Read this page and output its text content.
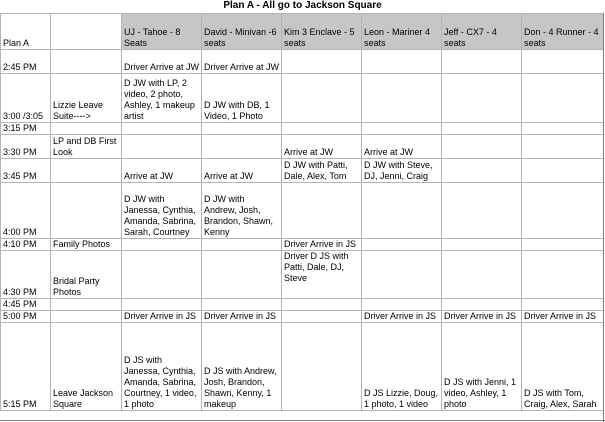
Plan A - All go to Jackson Square
Plan A		UJ - Tahoe - 8 Seats	David - Minivan -6 seats	Kim 3 Enclave - 5 seats	Leon - Mariner 4 seats	Jeff - CX7 - 4 seats	Don - 4 Runner - 4 seats
2:45 PM		Driver Arrive at JW	Driver Arrive at JW				
3:00 /3:05	Lizzie Leave Suite---->	D JW with LP, 2 video, 2 photo, Ashley, 1 makeup artist	D JW with DB, 1 Video, 1 Photo				
3:15 PM							
3:30 PM	LP and DB First Look			Arrive at JW	Arrive at JW		
3:45 PM		Arrive at JW	Arrive at JW	D JW with Patti, Dale, Alex, Tom	D JW with Steve, DJ, Jenni, Craig		
4:00 PM		D JW with Janessa, Cynthia, Amanda, Sabrina, Sarah, Courtney	D JW with Andrew, Josh, Brandon, Shawn, Kenny				
4:10 PM	Family Photos			Driver Arrive in JS			
4:30 PM	Bridal Party Photos			Driver D JS with Patti, Dale, DJ, Steve			
4:45 PM							
5:00 PM		Driver Arrive in JS	Driver Arrive in JS		Driver Arrive in JS	Driver Arrive in JS	Driver Arrive in JS
5:15 PM	Leave Jackson Square	D JS with Janessa, Cynthia, Amanda, Sabrina, Courtney, 1 video, 1 photo	D JS with Andrew, Josh, Brandon, Shawn, Kenny, 1 makeup		D JS Lizzie, Doug, 1 photo, 1 video	D JS with Jenni, 1 video, Ashley, 1 photo	D JS with Tom, Craig, Alex, Sarah
